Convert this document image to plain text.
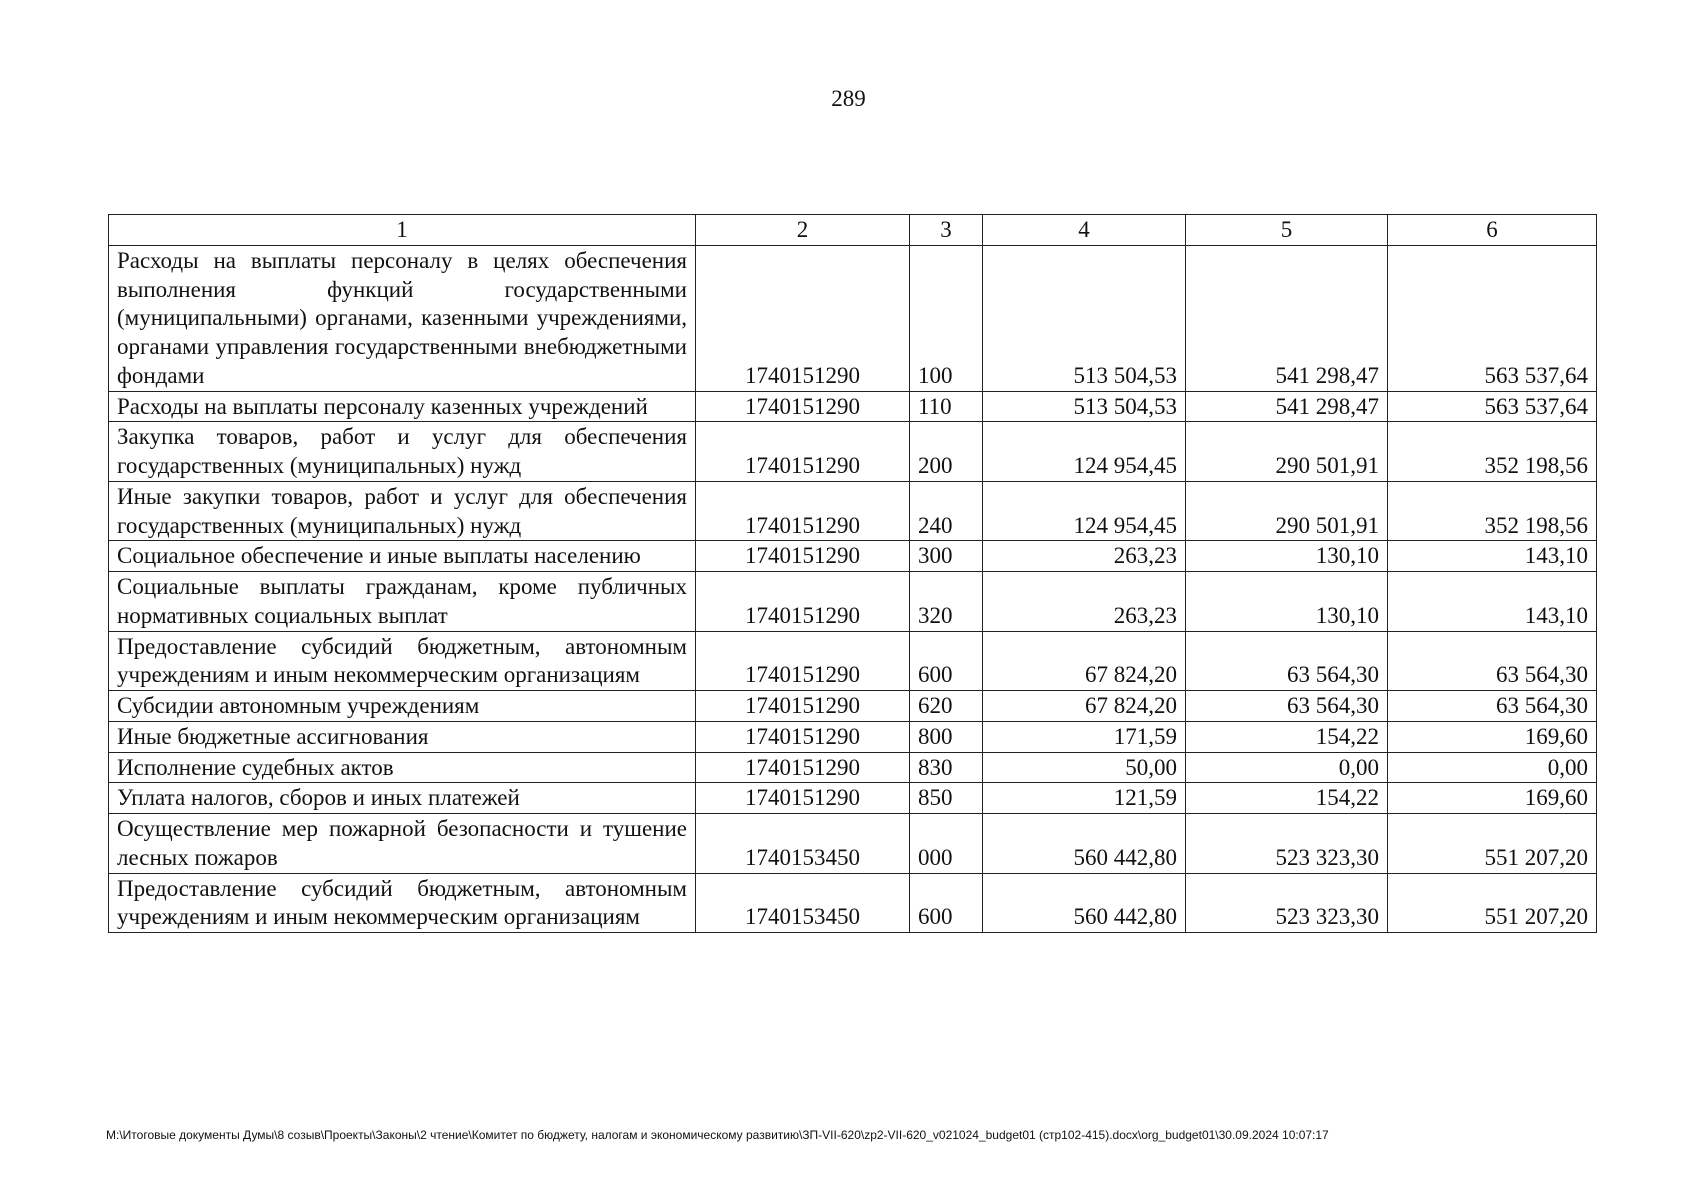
289
1	2	3	4	5	6
Расходы на выплаты персоналу в целях обеспечения выполнения функций государственными (муниципальными) органами, казенными учреждениями, органами управления государственными внебюджетными фондами	1740151290	100	513 504,53	541 298,47	563 537,64
Расходы на выплаты персоналу казенных учреждений	1740151290	110	513 504,53	541 298,47	563 537,64
Закупка товаров, работ и услуг для обеспечения государственных (муниципальных) нужд	1740151290	200	124 954,45	290 501,91	352 198,56
Иные закупки товаров, работ и услуг для обеспечения государственных (муниципальных) нужд	1740151290	240	124 954,45	290 501,91	352 198,56
Социальное обеспечение и иные выплаты населению	1740151290	300	263,23	130,10	143,10
Социальные выплаты гражданам, кроме публичных нормативных социальных выплат	1740151290	320	263,23	130,10	143,10
Предоставление субсидий бюджетным, автономным учреждениям и иным некоммерческим организациям	1740151290	600	67 824,20	63 564,30	63 564,30
Субсидии автономным учреждениям	1740151290	620	67 824,20	63 564,30	63 564,30
Иные бюджетные ассигнования	1740151290	800	171,59	154,22	169,60
Исполнение судебных актов	1740151290	830	50,00	0,00	0,00
Уплата налогов, сборов и иных платежей	1740151290	850	121,59	154,22	169,60
Осуществление мер пожарной безопасности и тушение лесных пожаров	1740153450	000	560 442,80	523 323,30	551 207,20
Предоставление субсидий бюджетным, автономным учреждениям и иным некоммерческим организациям	1740153450	600	560 442,80	523 323,30	551 207,20
M:\Итоговые документы Думы\8 созыв\Проекты\Законы\2 чтение\Комитет по бюджету, налогам и экономическому развитию\ЗП-VII-620\zp2-VII-620_v021024_budget01 (стр102-415).docx\org_budget01\30.09.2024 10:07:17
